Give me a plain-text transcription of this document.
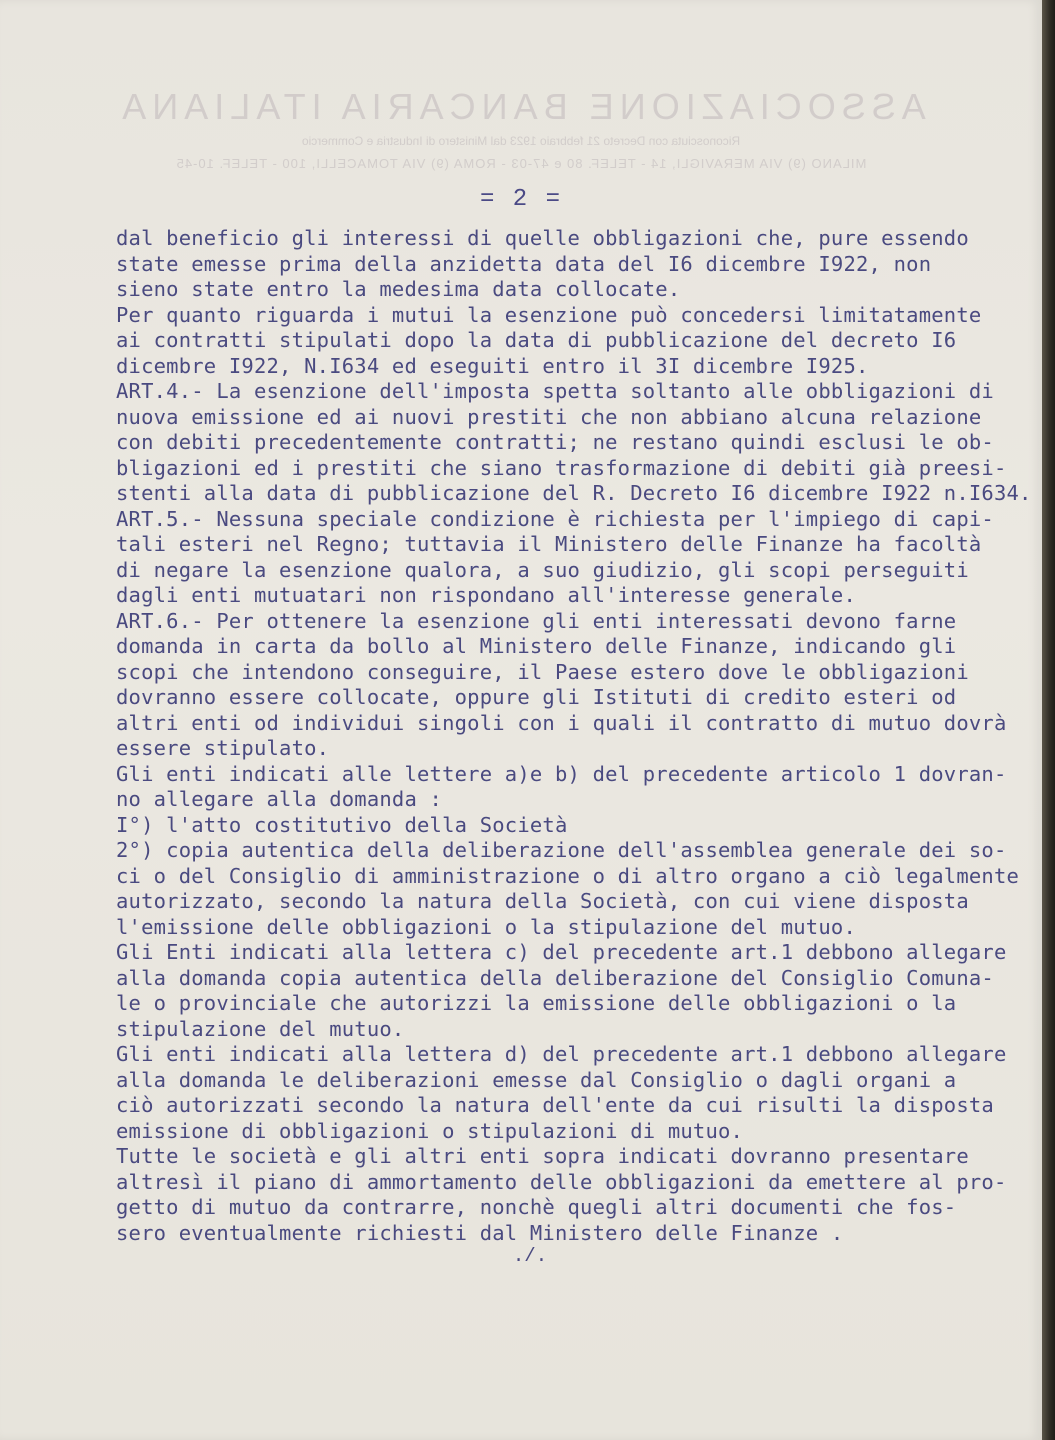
ASSOCIAZIONE BANCARIA ITALIANA
Riconosciuta con Decreto 21 febbraio 1923 dal Ministero di Industria e Commercio
MILANO (9) VIA MERAVIGLI, 14 - TELEF. 80 e 47-03 - ROMA (9) VIA TOMACELLI, 100 - TELEF. 10-45
= 2 =
dal beneficio gli interessi di quelle obbligazioni che, pure essendo
state emesse prima della anzidetta data del I6 dicembre I922, non
sieno state entro la medesima data collocate.
Per quanto riguarda i mutui la esenzione può concedersi limitatamente
ai contratti stipulati dopo la data di pubblicazione del decreto I6
dicembre I922, N.I634 ed eseguiti entro il 3I dicembre I925.
ART.4.- La esenzione dell'imposta spetta soltanto alle obbligazioni di
nuova emissione ed ai nuovi prestiti che non abbiano alcuna relazione
con debiti precedentemente contratti; ne restano quindi esclusi le ob-
bligazioni ed i prestiti che siano trasformazione di debiti già preesi-
stenti alla data di pubblicazione del R. Decreto I6 dicembre I922 n.I634.
ART.5.- Nessuna speciale condizione è richiesta per l'impiego di capi-
tali esteri nel Regno; tuttavia il Ministero delle Finanze ha facoltà
di negare la esenzione qualora, a suo giudizio, gli scopi perseguiti
dagli enti mutuatari non rispondano all'interesse generale.
ART.6.- Per ottenere la esenzione gli enti interessati devono farne
domanda in carta da bollo al Ministero delle Finanze, indicando gli
scopi che intendono conseguire, il Paese estero dove le obbligazioni
dovranno essere collocate, oppure gli Istituti di credito esteri od
altri enti od individui singoli con i quali il contratto di mutuo dovrà
essere stipulato.
Gli enti indicati alle lettere a)e b) del precedente articolo 1 dovran-
no allegare alla domanda :
I°) l'atto costitutivo della Società
2°) copia autentica della deliberazione dell'assemblea generale dei so-
ci o del Consiglio di amministrazione o di altro organo a ciò legalmente
autorizzato, secondo la natura della Società, con cui viene disposta
l'emissione delle obbligazioni o la stipulazione del mutuo.
Gli Enti indicati alla lettera c) del precedente art.1 debbono allegare
alla domanda copia autentica della deliberazione del Consiglio Comuna-
le o provinciale che autorizzi la emissione delle obbligazioni o la
stipulazione del mutuo.
Gli enti indicati alla lettera d) del precedente art.1 debbono allegare
alla domanda le deliberazioni emesse dal Consiglio o dagli organi a
ciò autorizzati secondo la natura dell'ente da cui risulti la disposta
emissione di obbligazioni o stipulazioni di mutuo.
Tutte le società e gli altri enti sopra indicati dovranno presentare
altresì il piano di ammortamento delle obbligazioni da emettere al pro-
getto di mutuo da contrarre, nonchè quegli altri documenti che fos-
sero eventualmente richiesti dal Ministero delle Finanze .
./.
